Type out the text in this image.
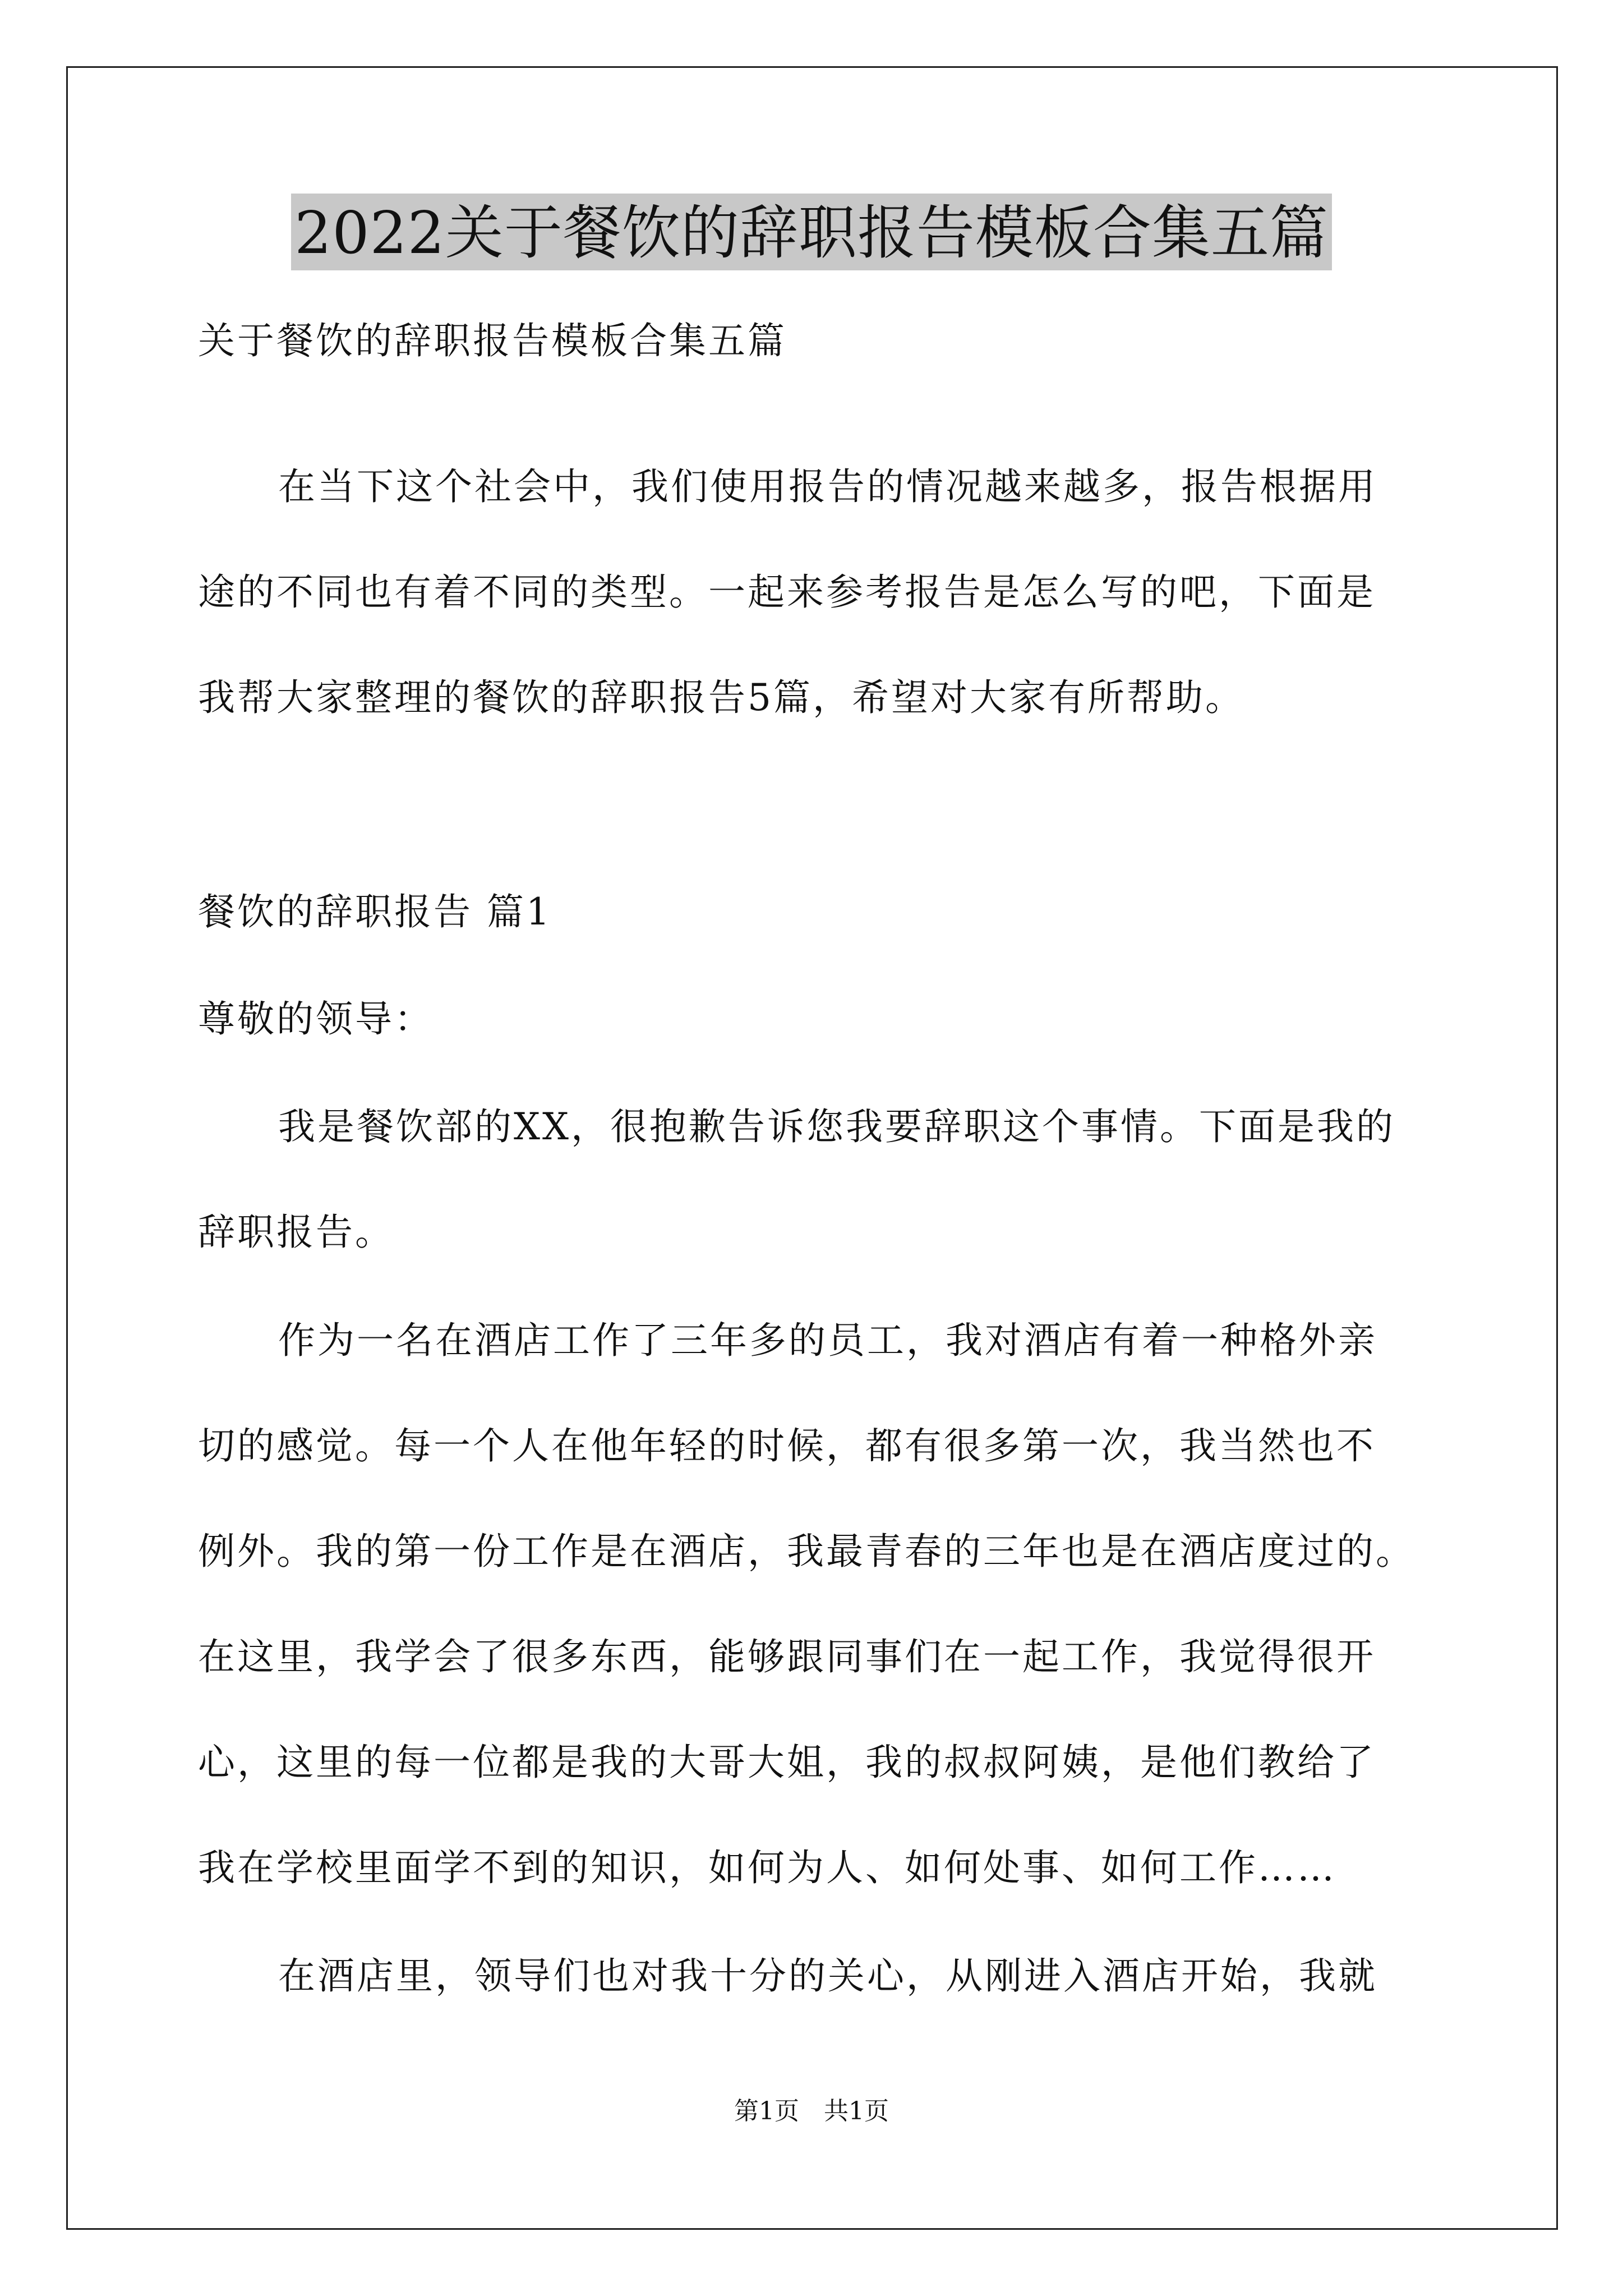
2022关于餐饮的辞职报告模板合集五篇
关于餐饮的辞职报告模板合集五篇
在当下这个社会中，我们使用报告的情况越来越多，报告根据用
途的不同也有着不同的类型。一起来参考报告是怎么写的吧，下面是
我帮大家整理的餐饮的辞职报告5篇，希望对大家有所帮助。
餐饮的辞职报告 篇1
尊敬的领导：
我是餐饮部的XX，很抱歉告诉您我要辞职这个事情。下面是我的
辞职报告。
作为一名在酒店工作了三年多的员工，我对酒店有着一种格外亲
切的感觉。每一个人在他年轻的时候，都有很多第一次，我当然也不
例外。我的第一份工作是在酒店，我最青春的三年也是在酒店度过的。
在这里，我学会了很多东西，能够跟同事们在一起工作，我觉得很开
心，这里的每一位都是我的大哥大姐，我的叔叔阿姨，是他们教给了
我在学校里面学不到的知识，如何为人、如何处事、如何工作……
在酒店里，领导们也对我十分的关心，从刚进入酒店开始，我就
第1页　共1页
